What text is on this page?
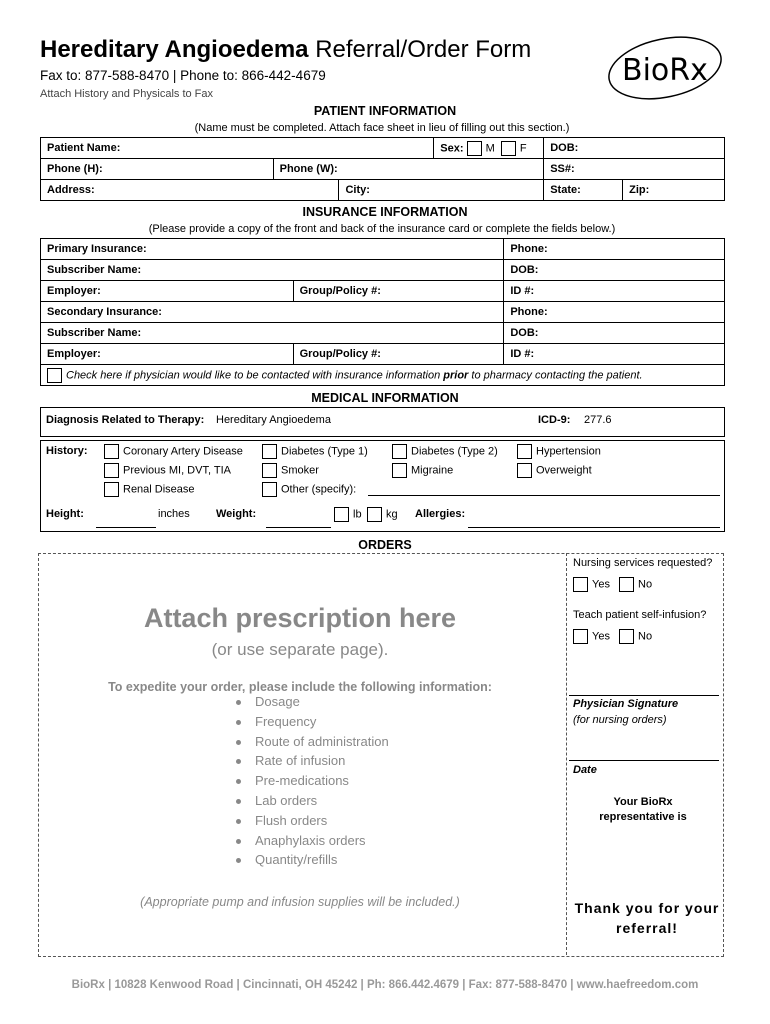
Hereditary Angioedema Referral/Order Form
Fax to: 877-588-8470 | Phone to: 866-442-4679
Attach History and Physicals to Fax
BioRx
PATIENT INFORMATION
(Name must be completed. Attach face sheet in lieu of filling out this section.)
Patient Name:			Sex: M F	DOB:	
Phone (H):	Phone (W):			SS#:	
Address:		City:		State:	Zip:
INSURANCE INFORMATION
(Please provide a copy of the front and back of the insurance card or complete the fields below.)
Primary Insurance:		Phone:
Subscriber Name:		DOB:
Employer:	Group/Policy #:	ID #:
Secondary Insurance:		Phone:
Subscriber Name:		DOB:
Employer:	Group/Policy #:	ID #:
Check here if physician would like to be contacted with insurance information prior to pharmacy contacting the patient.		
MEDICAL INFORMATION
Diagnosis Related to Therapy: Hereditary Angioedema	ICD-9: 277.6
History:	Coronary Artery Disease	Diabetes (Type 1)	Diabetes (Type 2)	Hypertension
Previous MI, DVT, TIA	Smoker	Migraine	Overweight
Renal Disease	Other (specify):
Height:	inches Weight:	lb	kg Allergies:
ORDERS
Attach prescription here
(or use separate page).
To expedite your order, please include the following information:
Dosage
Frequency
Route of administration
Rate of infusion
Pre-medications
Lab orders
Flush orders
Anaphylaxis orders
Quantity/refills
(Appropriate pump and infusion supplies will be included.)
Nursing services requested?
Yes	No
Teach patient self-infusion?
Yes	No
Physician Signature
(for nursing orders)
Date
Your BioRx representative is
Thank you for your referral!
BioRx | 10828 Kenwood Road | Cincinnati, OH 45242 | Ph: 866.442.4679 | Fax: 877-588-8470 | www.haefreedom.com
